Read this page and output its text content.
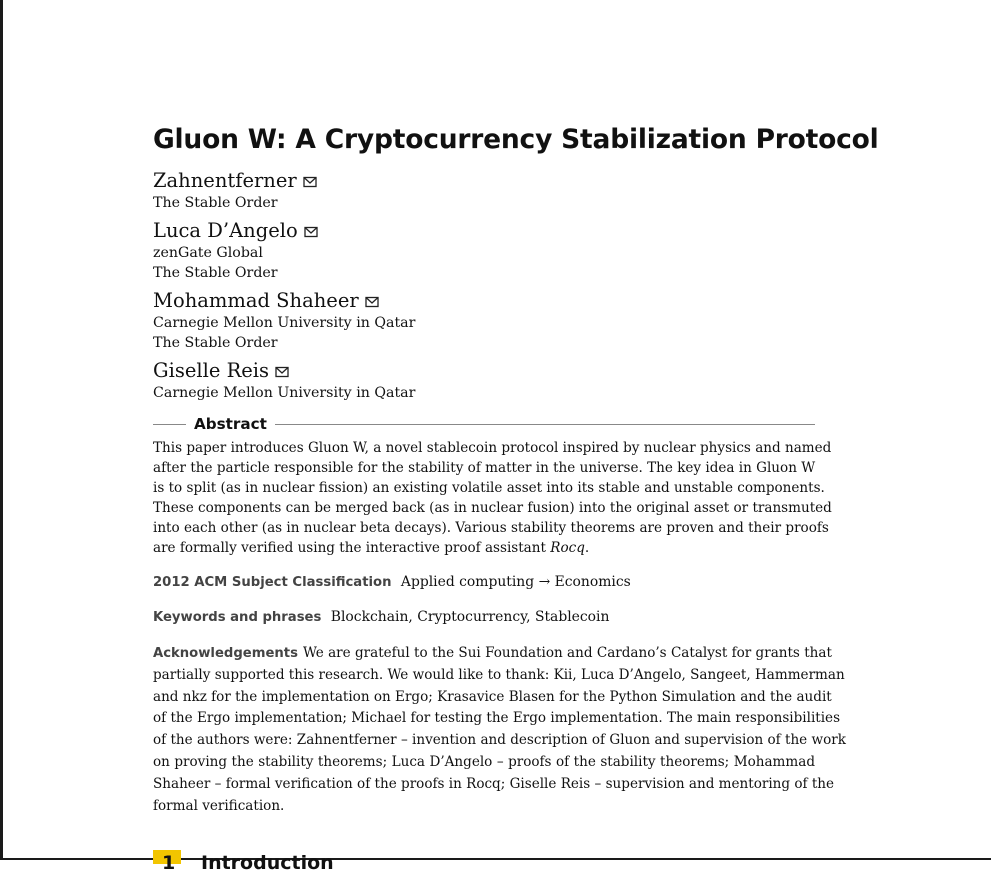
Gluon W: A Cryptocurrency Stabilization Protocol
Zahnentferner
The Stable Order
Luca D’Angelo
zenGate Global
The Stable Order
Mohammad Shaheer
Carnegie Mellon University in Qatar
The Stable Order
Giselle Reis
Carnegie Mellon University in Qatar
Abstract
This paper introduces Gluon W, a novel stablecoin protocol inspired by nuclear physics and named
after the particle responsible for the stability of matter in the universe. The key idea in Gluon W
is to split (as in nuclear fission) an existing volatile asset into its stable and unstable components.
These components can be merged back (as in nuclear fusion) into the original asset or transmuted
into each other (as in nuclear beta decays). Various stability theorems are proven and their proofs
are formally verified using the interactive proof assistant Rocq.
2012 ACM Subject Classification Applied computing → Economics
Keywords and phrases Blockchain, Cryptocurrency, Stablecoin
Acknowledgements We are grateful to the Sui Foundation and Cardano’s Catalyst for grants that
partially supported this research. We would like to thank: Kii, Luca D’Angelo, Sangeet, Hammerman
and nkz for the implementation on Ergo; Krasavice Blasen for the Python Simulation and the audit
of the Ergo implementation; Michael for testing the Ergo implementation. The main responsibilities
of the authors were: Zahnentferner – invention and description of Gluon and supervision of the work
on proving the stability theorems; Luca D’Angelo – proofs of the stability theorems; Mohammad
Shaheer – formal verification of the proofs in Rocq; Giselle Reis – supervision and mentoring of the
formal verification.
1 Introduction
